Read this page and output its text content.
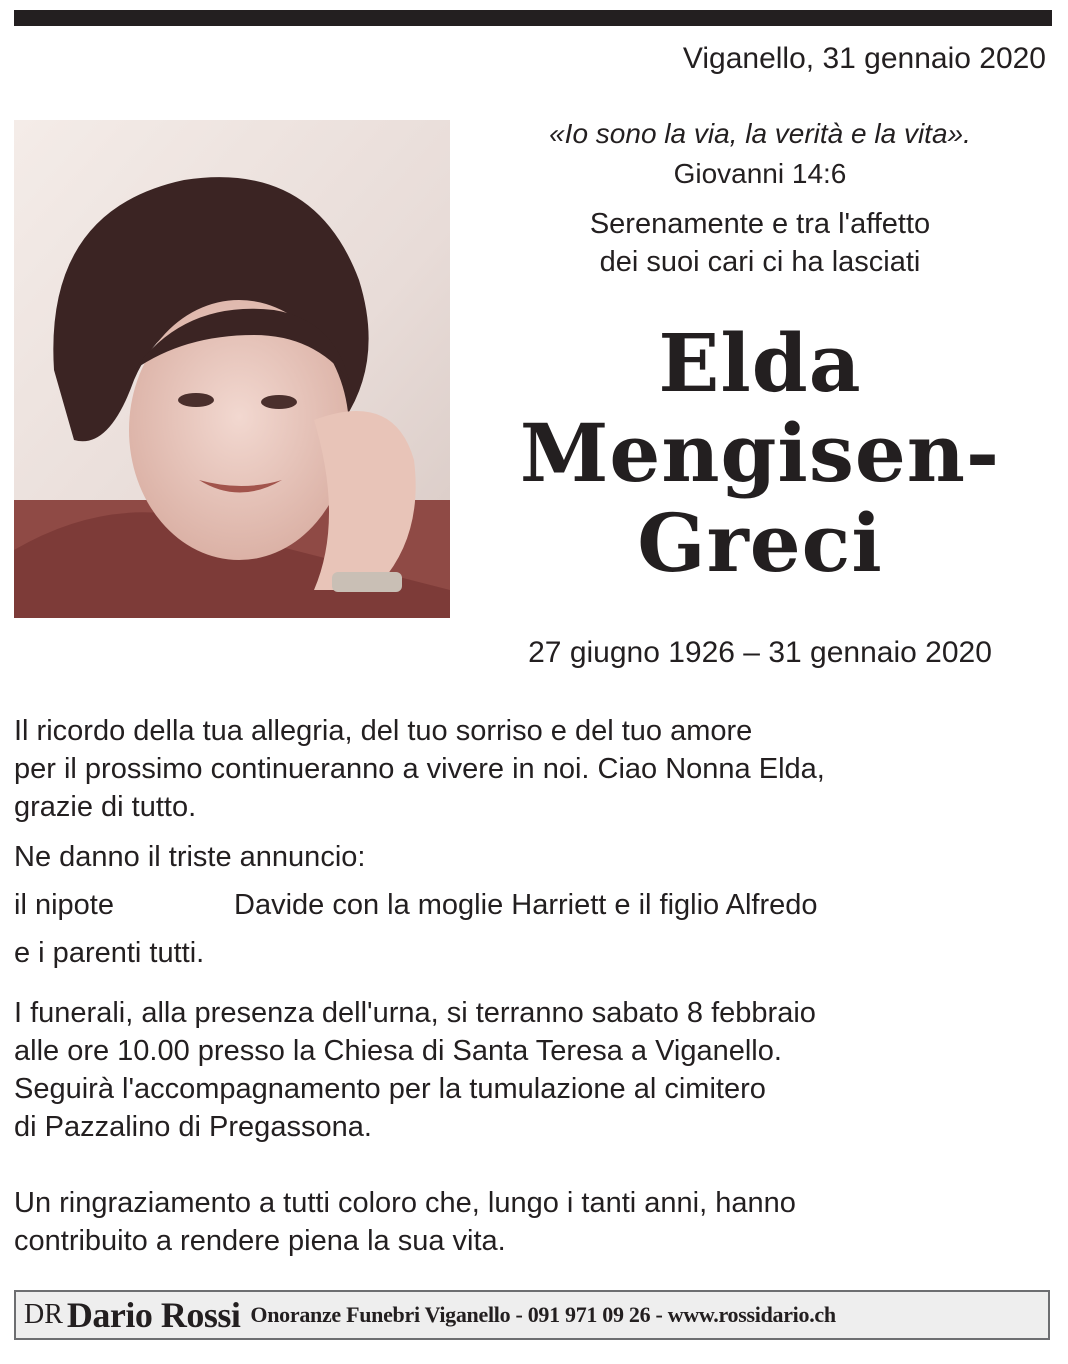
Viganello, 31 gennaio 2020
«Io sono la via, la verità e la vita».
Giovanni 14:6
Serenamente e tra l'affetto
dei suoi cari ci ha lasciati
Elda
Mengisen-
Greci
27 giugno 1926 – 31 gennaio 2020
Il ricordo della tua allegria, del tuo sorriso e del tuo amore
per il prossimo continueranno a vivere in noi. Ciao Nonna Elda,
grazie di tutto.
Ne danno il triste annuncio:
il nipote	Davide con la moglie Harriett e il figlio Alfredo
e i parenti tutti.
I funerali, alla presenza dell'urna, si terranno sabato 8 febbraio
alle ore 10.00 presso la Chiesa di Santa Teresa a Viganello.
Seguirà l'accompagnamento per la tumulazione al cimitero
di Pazzalino di Pregassona.
Un ringraziamento a tutti coloro che, lungo i tanti anni, hanno
contribuito a rendere piena la sua vita.
DR Dario Rossi Onoranze Funebri Viganello - 091 971 09 26 - www.rossidario.ch
